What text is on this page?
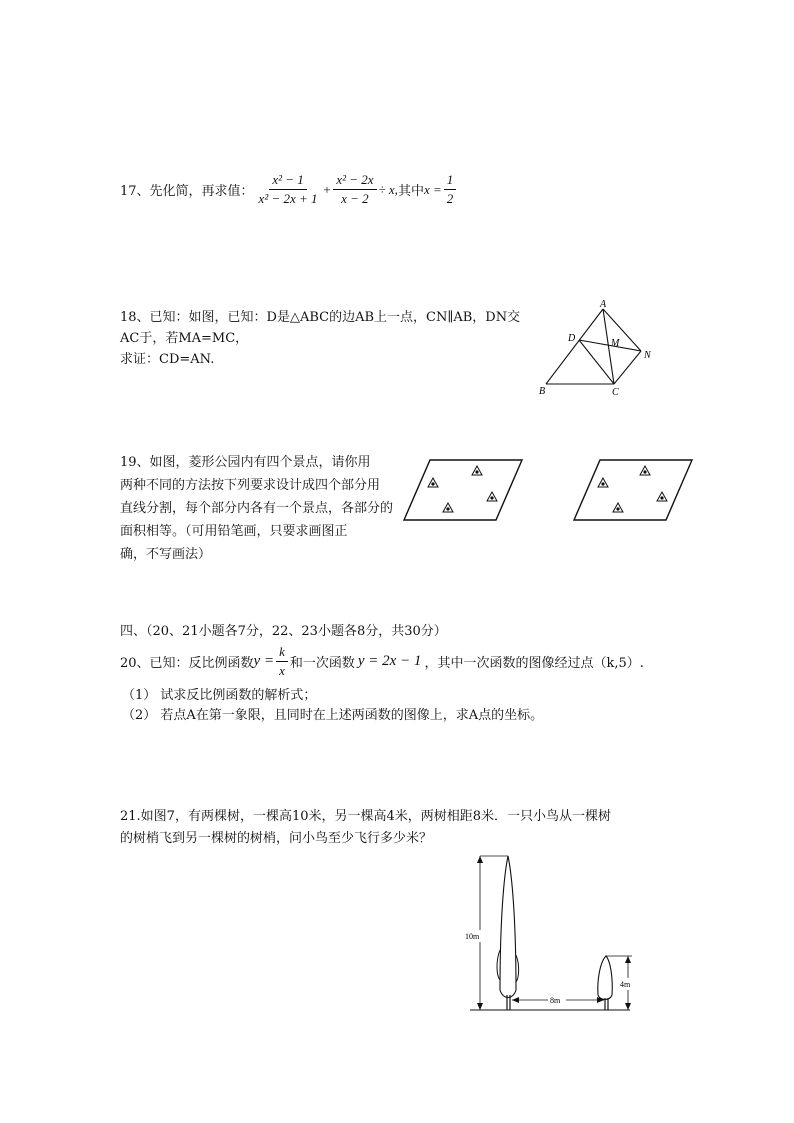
17、先化简，再求值： $\frac{\text{x² − 1}}{\text{x² − 2x + 1}} + \frac{\text{x² − 2x}}{x - 2} \div x$, 其中 $x = \frac{1}{2}$
18、已知：如图，已知：D是△ABC的边AB上一点，CN∥AB，DN交
AC于，若MA=MC，
求证：CD=AN.
A
B	C
D	M
N
19、如图，菱形公园内有四个景点，请你用
两种不同的方法按下列要求设计成四个部分用
直线分割，每个部分内各有一个景点，各部分的
面积相等。（可用铅笔画，只要求画图正
确，不写画法）
四、（20、21小题各7分，22、23小题各8分，共30分）
20、已知：反比例函数 $y = \frac{k}{x}$ 和一次函数 y = 2x − 1 ，其中一次函数的图像经过点（k,5）.
（1） 试求反比例函数的解析式；
（2） 若点A在第一象限，且同时在上述两函数的图像上，求A点的坐标。
21.如图7，有两棵树，一棵高10米，另一棵高4米，两树相距8米．一只小鸟从一棵树
的树梢飞到另一棵树的树梢，问小鸟至少飞行多少米？
10m
4m
8m
